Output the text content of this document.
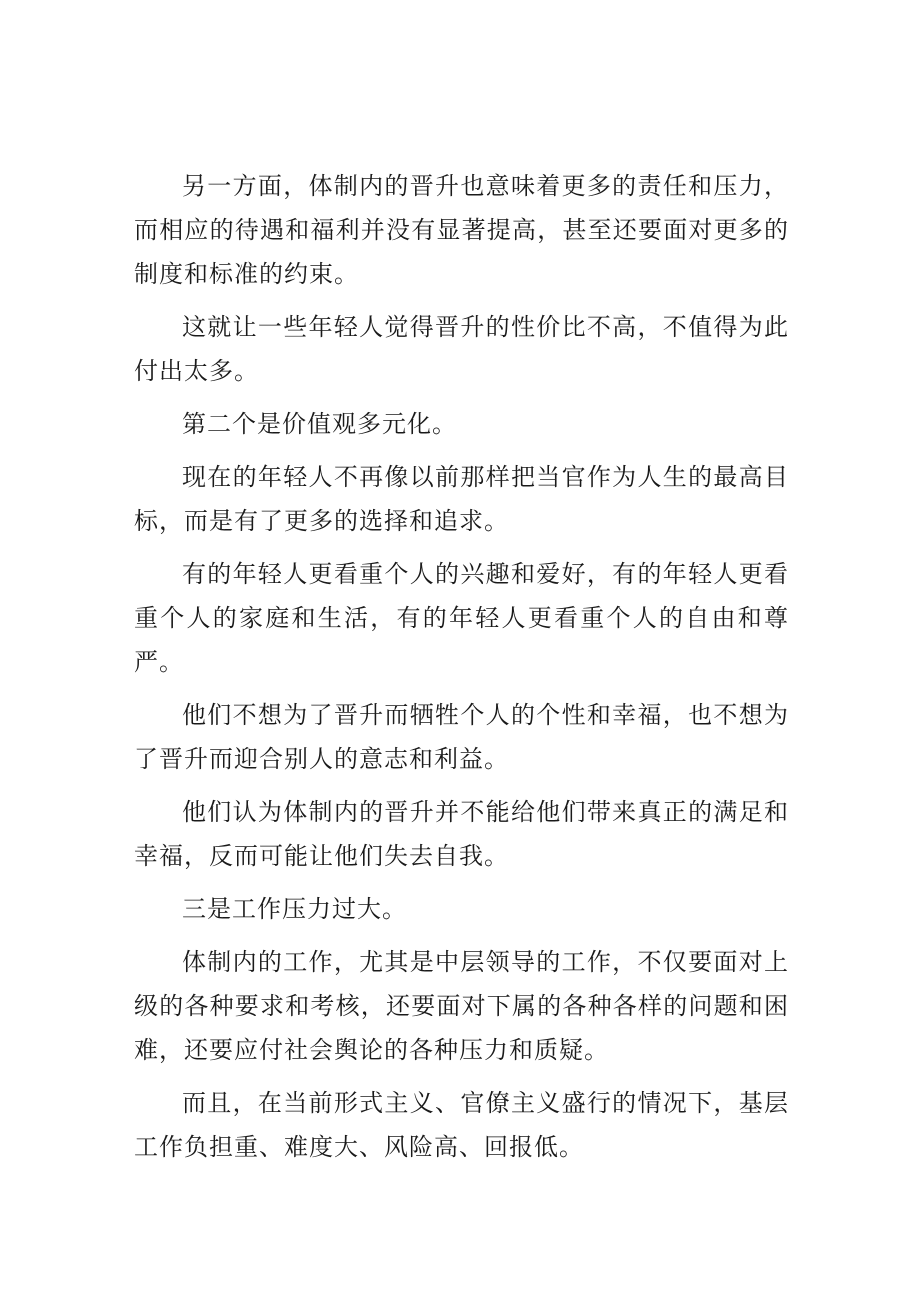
另一方面，体制内的晋升也意味着更多的责任和压力，而相应的待遇和福利并没有显著提高，甚至还要面对更多的制度和标准的约束。

这就让一些年轻人觉得晋升的性价比不高，不值得为此付出太多。

第二个是价值观多元化。

现在的年轻人不再像以前那样把当官作为人生的最高目标，而是有了更多的选择和追求。

有的年轻人更看重个人的兴趣和爱好，有的年轻人更看重个人的家庭和生活，有的年轻人更看重个人的自由和尊严。

他们不想为了晋升而牺牲个人的个性和幸福，也不想为了晋升而迎合别人的意志和利益。

他们认为体制内的晋升并不能给他们带来真正的满足和幸福，反而可能让他们失去自我。

三是工作压力过大。

体制内的工作，尤其是中层领导的工作，不仅要面对上级的各种要求和考核，还要面对下属的各种各样的问题和困难，还要应付社会舆论的各种压力和质疑。

而且，在当前形式主义、官僚主义盛行的情况下，基层工作负担重、难度大、风险高、回报低。
